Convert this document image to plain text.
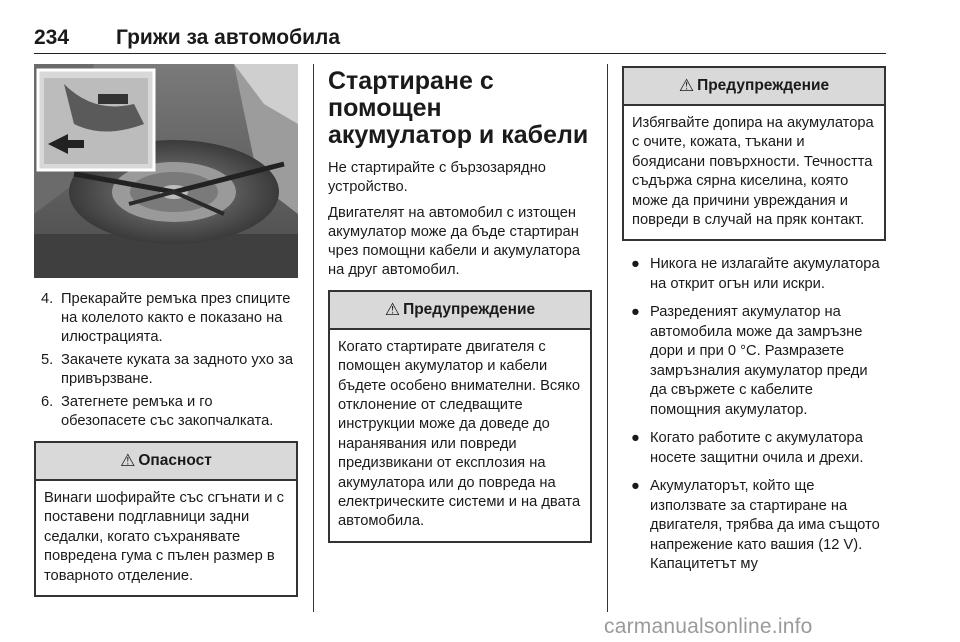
234 Грижи за автомобила
4. Прекарайте ремъка през спиците на колелото както е показано на илюстрацията.
5. Закачете куката за задното ухо за привързване.
6. Затегнете ремъка и го обезопасете със закопчалката.
⚠ Опасност
Винаги шофирайте със сгънати и с поставени подглавници задни седалки, когато съхранявате повредена гума с пълен размер в товарното отделение.
Стартиране с помощен акумулатор и кабели

Не стартирайте с бързозарядно устройство.

Двигателят на автомобил с изтощен акумулатор може да бъде стартиран чрез помощни кабели и акумулатора на друг автомобил.

⚠ Предупреждение
Когато стартирате двигателя с помощен акумулатор и кабели бъдете особено внимателни. Всяко отклонение от следващите инструкции може да доведе до наранявания или повреди предизвикани от експлозия на акумулатора или до повреда на електрическите системи и на двата автомобила.
⚠ Предупреждение
Избягвайте допира на акумулатора с очите, кожата, тъкани и боядисани повърхности. Течността съдържа сярна киселина, която може да причини увреждания и повреди в случай на пряк контакт.
● Никога не излагайте акумулатора на открит огън или искри.
● Разреденият акумулатор на автомобила може да замръзне дори и при 0 °C. Размразете замръзналия акумулатор преди да свържете с кабелите помощния акумулатор.
● Когато работите с акумулатора носете защитни очила и дрехи.
● Акумулаторът, който ще използвате за стартиране на двигателя, трябва да има същото напрежение като вашия (12 V). Капацитетът му
carmanualsonline.info
